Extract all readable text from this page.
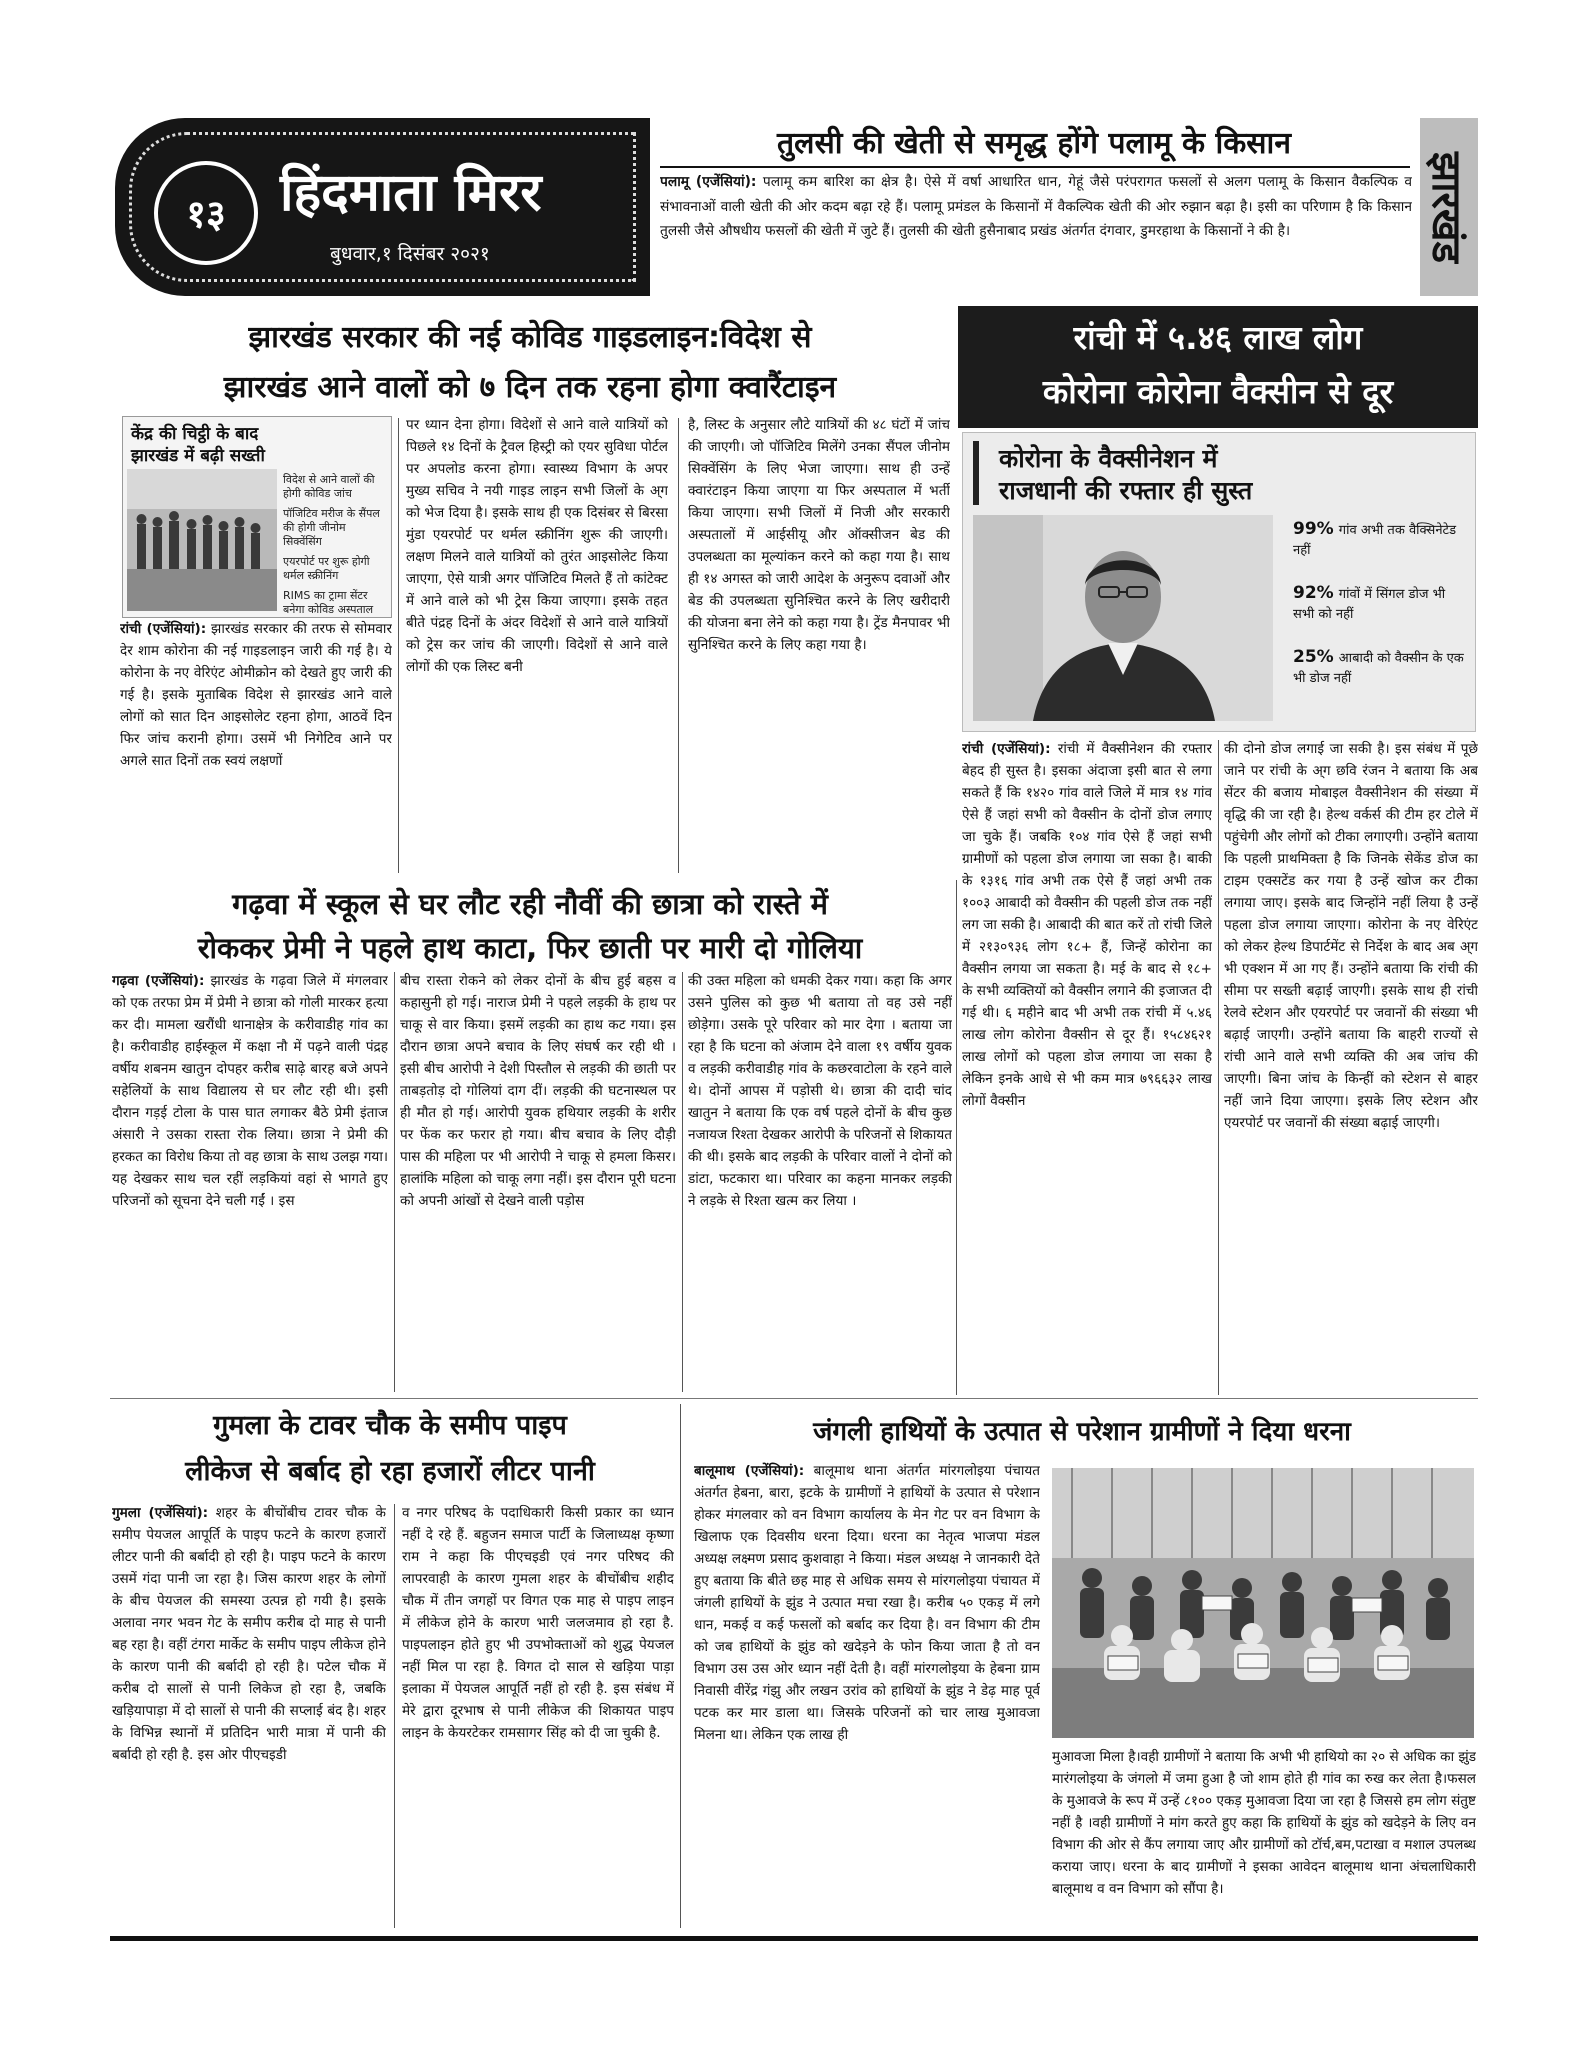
१३	हिंदमाता मिरर
बुधवार,१ दिसंबर २०२१
तुलसी की खेती से समृद्ध होंगे पलामू के किसान
पलामू (एजेंसियां): पलामू कम बारिश का क्षेत्र है। ऐसे में वर्षा आधारित धान, गेहूं जैसे परंपरागत फसलों से अलग पलामू के किसान वैकल्पिक व संभावनाओं वाली खेती की ओर कदम बढ़ा रहे हैं। पलामू प्रमंडल के किसानों में वैकल्पिक खेती की ओर रुझान बढ़ा है। इसी का परिणाम है कि किसान तुलसी जैसे औषधीय फसलों की खेती में जुटे हैं। तुलसी की खेती हुसैनाबाद प्रखंड अंतर्गत दंगवार, डुमरहाथा के किसानों ने की है।	झारखंड
झारखंड सरकार की नई कोविड गाइडलाइन:विदेश से
झारखंड आने वालों को ७ दिन तक रहना होगा क्वारैंटाइन
केंद्र की चिट्ठी के बाद
झारखंड में बढ़ी सख्ती
विदेश से आने वालों की होगी कोविड जांच
पॉजिटिव मरीज के सैंपल की होगी जीनोम सिक्वेंसिंग
एयरपोर्ट पर शुरू होगी थर्मल स्क्रीनिंग
RIMS का ट्रामा सेंटर बनेगा कोविड अस्पताल
रांची (एजेंसियां): झारखंड सरकार की तरफ से सोमवार देर शाम कोरोना की नई गाइडलाइन जारी की गई है। ये कोरोना के नए वेरिएंट ओमीक्रोन को देखते हुए जारी की गई है। इसके मुताबिक विदेश से झारखंड आने वाले लोगों को सात दिन आइसोलेट रहना होगा, आठवें दिन फिर जांच करानी होगा। उसमें भी निगेटिव आने पर अगले सात दिनों तक स्वयं लक्षणों
पर ध्यान देना होगा। विदेशों से आने वाले यात्रियों को पिछले १४ दिनों के ट्रैवल हिस्ट्री को एयर सुविधा पोर्टल पर अपलोड करना होगा। स्वास्थ्य विभाग के अपर मुख्य सचिव ने नयी गाइड लाइन सभी जिलों के अ्‍ग को भेज दिया है। इसके साथ ही एक दिसंबर से बिरसा मुंडा एयरपोर्ट पर थर्मल स्क्रीनिंग शुरू की जाएगी। लक्षण मिलने वाले यात्रियों को तुरंत आइसोलेट किया जाएगा, ऐसे यात्री अगर पॉजिटिव मिलते हैं तो कांटेक्ट में आने वाले को भी ट्रेस किया जाएगा। इसके तहत बीते पंद्रह दिनों के अंदर विदेशों से आने वाले यात्रियों को ट्रेस कर जांच की जाएगी। विदेशों से आने वाले लोगों की एक लिस्ट बनी
है, लिस्ट के अनुसार लौटे यात्रियों की ४८ घंटों में जांच की जाएगी। जो पॉजिटिव मिलेंगे उनका सैंपल जीनोम सिक्वेंसिंग के लिए भेजा जाएगा। साथ ही उन्हें क्वारंटाइन किया जाएगा या फिर अस्पताल में भर्ती किया जाएगा। सभी जिलों में निजी और सरकारी अस्पतालों में आईसीयू और ऑक्सीजन बेड की उपलब्धता का मूल्यांकन करने को कहा गया है। साथ ही १४ अगस्त को जारी आदेश के अनुरूप दवाओं और बेड की उपलब्धता सुनिश्चित करने के लिए खरीदारी की योजना बना लेने को कहा गया है। ट्रेंड मैनपावर भी सुनिश्चित करने के लिए कहा गया है।
रांची में ५.४६ लाख लोग
कोरोना कोरोना वैक्सीन से दूर
कोरोना के वैक्सीनेशन में
राजधानी की रफ्तार ही सुस्त
99% गांव अभी तक वैक्सिनेटेड नहीं
92% गांवों में सिंगल डोज भी सभी को नहीं
25% आबादी को वैक्सीन के एक भी डोज नहीं
रांची (एजेंसियां): रांची में वैक्सीनेशन की रफ्तार बेहद ही सुस्त है। इसका अंदाजा इसी बात से लगा सकते हैं कि १४२० गांव वाले जिले में मात्र १४ गांव ऐसे हैं जहां सभी को वैक्सीन के दोनों डोज लगाए जा चुके हैं। जबकि १०४ गांव ऐसे हैं जहां सभी ग्रामीणों को पहला डोज लगाया जा सका है। बाकी के १३१६ गांव अभी तक ऐसे हैं जहां अभी तक १००३ आबादी को वैक्सीन की पहली डोज तक नहीं लग जा सकी है। आबादी की बात करें तो रांची जिले में २१३०९३६ लोग १८+ हैं, जिन्हें कोरोना का वैक्सीन लगया जा सकता है। मई के बाद से १८+ के सभी व्यक्तियों को वैक्सीन लगाने की इजाजत दी गई थी। ६ महीने बाद भी अभी तक रांची में ५.४६ लाख लोग कोरोना वैक्सीन से दूर हैं। १५८४६२१ लाख लोगों को पहला डोज लगाया जा सका है लेकिन इनके आधे से भी कम मात्र ७९६६३२ लाख लोगों वैक्सीन
की दोनो डोज लगाई जा सकी है। इस संबंध में पूछे जाने पर रांची के अ्‍ग छवि रंजन ने बताया कि अब सेंटर की बजाय मोबाइल वैक्सीनेशन की संख्या में वृद्धि की जा रही है। हेल्थ वर्कर्स की टीम हर टोले में पहुंचेगी और लोगों को टीका लगाएगी। उन्होंने बताया कि पहली प्राथमिक्ता है कि जिनके सेकेंड डोज का टाइम एक्सटेंड कर गया है उन्हें खोज कर टीका लगाया जाए। इसके बाद जिन्होंने नहीं लिया है उन्हें पहला डोज लगाया जाएगा। कोरोना के नए वेरिएंट को लेकर हेल्थ डिपार्टमेंट से निर्देश के बाद अब अ्‍ग भी एक्शन में आ गए हैं। उन्होंने बताया कि रांची की सीमा पर सख्ती बढ़ाई जाएगी। इसके साथ ही रांची रेलवे स्टेशन और एयरपोर्ट पर जवानों की संख्या भी बढ़ाई जाएगी। उन्होंने बताया कि बाहरी राज्यों से रांची आने वाले सभी व्यक्ति की अब जांच की जाएगी। बिना जांच के किन्हीं को स्टेशन से बाहर नहीं जाने दिया जाएगा। इसके लिए स्टेशन और एयरपोर्ट पर जवानों की संख्या बढ़ाई जाएगी।
गढ़वा में स्कूल से घर लौट रही नौवीं की छात्रा को रास्ते में
रोककर प्रेमी ने पहले हाथ काटा, फिर छाती पर मारी दो गोलिया
गढ़वा (एजेंसियां): झारखंड के गढ़वा जिले में मंगलवार को एक तरफा प्रेम में प्रेमी ने छात्रा को गोली मारकर हत्या कर दी। मामला खरौंधी थानाक्षेत्र के करीवाडीह गांव का है। करीवाडीह हाईस्कूल में कक्षा नौ में पढ़ने वाली पंद्रह वर्षीय शबनम खातुन दोपहर करीब साढ़े बारह बजे अपने सहेलियों के साथ विद्यालय से घर लौट रही थी। इसी दौरान गड़ई टोला के पास घात लगाकर बैठे प्रेमी इंताज अंसारी ने उसका रास्ता रोक लिया। छात्रा ने प्रेमी की हरकत का विरोध किया तो वह छात्रा के साथ उलझ गया। यह देखकर साथ चल रहीं लड़कियां वहां से भागते हुए परिजनों को सूचना देने चली गईं । इस
बीच रास्ता रोकने को लेकर दोनों के बीच हुई बहस व कहासुनी हो गई। नाराज प्रेमी ने पहले लड़की के हाथ पर चाकू से वार किया। इसमें लड़की का हाथ कट गया। इस दौरान छात्रा अपने बचाव के लिए संघर्ष कर रही थी । इसी बीच आरोपी ने देशी पिस्तौल से लड़की की छाती पर ताबड़तोड़ दो गोलियां दाग दीं। लड़की की घटनास्थल पर ही मौत हो गई। आरोपी युवक हथियार लड़की के शरीर पर फेंक कर फरार हो गया। बीच बचाव के लिए दौड़ी पास की महिला पर भी आरोपी ने चाकू से हमला किसर। हालांकि महिला को चाकू लगा नहीं। इस दौरान पूरी घटना को अपनी आंखों से देखने वाली पड़ोस
की उक्त महिला को धमकी देकर गया। कहा कि अगर उसने पुलिस को कुछ भी बताया तो वह उसे नहीं छोड़ेगा। उसके पूरे परिवार को मार देगा । बताया जा रहा है कि घटना को अंजाम देने वाला १९ वर्षीय युवक व लड़की करीवाडीह गांव के कछरवाटोला के रहने वाले थे। दोनों आपस में पड़ोसी थे। छात्रा की दादी चांद खातुन ने बताया कि एक वर्ष पहले दोनों के बीच कुछ नजायज रिश्ता देखकर आरोपी के परिजनों से शिकायत की थी। इसके बाद लड़की के परिवार वालों ने दोनों को डांटा, फटकारा था। परिवार का कहना मानकर लड़की ने लड़के से रिश्ता खत्म कर लिया ।
गुमला के टावर चौक के समीप पाइप
लीकेज से बर्बाद हो रहा हजारों लीटर पानी
गुमला (एजेंसियां): शहर के बीचोंबीच टावर चौक के समीप पेयजल आपूर्ति के पाइप फटने के कारण हजारों लीटर पानी की बर्बादी हो रही है। पाइप फटने के कारण उसमें गंदा पानी जा रहा है। जिस कारण शहर के लोगों के बीच पेयजल की समस्या उत्पन्न हो गयी है। इसके अलावा नगर भवन गेट के समीप करीब दो माह से पानी बह रहा है। वहीं टंगरा मार्केट के समीप पाइप लीकेज होने के कारण पानी की बर्बादी हो रही है। पटेल चौक में करीब दो सालों से पानी लिकेज हो रहा है, जबकि खड़ियापाड़ा में दो सालों से पानी की सप्लाई बंद है। शहर के विभिन्न स्थानों में प्रतिदिन भारी मात्रा में पानी की बर्बादी हो रही है. इस ओर पीएचइडी
व नगर परिषद के पदाधिकारी किसी प्रकार का ध्यान नहीं दे रहे हैं. बहुजन समाज पार्टी के जिलाध्यक्ष कृष्णा राम ने कहा कि पीएचइडी एवं नगर परिषद की लापरवाही के कारण गुमला शहर के बीचोंबीच शहीद चौक में तीन जगहों पर विगत एक माह से पाइप लाइन में लीकेज होने के कारण भारी जलजमाव हो रहा है. पाइपलाइन होते हुए भी उपभोक्ताओं को शुद्ध पेयजल नहीं मिल पा रहा है. विगत दो साल से खड़िया पाड़ा इलाका में पेयजल आपूर्ति नहीं हो रही है. इस संबंध में मेरे द्वारा दूरभाष से पानी लीकेज की शिकायत पाइप लाइन के केयरटेकर रामसागर सिंह को दी जा चुकी है.
जंगली हाथियों के उत्पात से परेशान ग्रामीणों ने दिया धरना
बालूमाथ (एजेंसियां): बालूमाथ थाना अंतर्गत मांरगलोइया पंचायत अंतर्गत हेबना, बारा, इटके के ग्रामीणों ने हाथियों के उत्पात से परेशान होकर मंगलवार को वन विभाग कार्यालय के मेन गेट पर वन विभाग के खिलाफ एक दिवसीय धरना दिया। धरना का नेतृत्व भाजपा मंडल अध्यक्ष लक्ष्मण प्रसाद कुशवाहा ने किया। मंडल अध्यक्ष ने जानकारी देते हुए बताया कि बीते छह माह से अधिक समय से मांरगलोइया पंचायत में जंगली हाथियों के झुंड ने उत्पात मचा रखा है। करीब ५० एकड़ में लगे धान, मकई व कई फसलों को बर्बाद कर दिया है। वन विभाग की टीम को जब हाथियों के झुंड को खदेड़ने के फोन किया जाता है तो वन विभाग उस उस ओर ध्यान नहीं देती है। वहीं मांरगलोइया के हेबना ग्राम निवासी वीरेंद्र गंझु और लखन उरांव को हाथियों के झुंड ने डेढ़ माह पूर्व पटक कर मार डाला था। जिसके परिजनों को चार लाख मुआवजा मिलना था। लेकिन एक लाख ही
मुआवजा मिला है।वही ग्रामीणों ने बताया कि अभी भी हाथियो का २० से अधिक का झुंड मारंगलोइया के जंगलो में जमा हुआ है जो शाम होते ही गांव का रुख कर लेता है।फसल के मुआवजे के रूप में उन्हें ८१०० एकड़ मुआवजा दिया जा रहा है जिससे हम लोग संतुष्ट नहीं है ।वही ग्रामीणों ने मांग करते हुए कहा कि हाथियों के झुंड को खदेड़ने के लिए वन विभाग की ओर से कैंप लगाया जाए और ग्रामीणों को टॉर्च,बम,पटाखा व मशाल उपलब्ध कराया जाए। धरना के बाद ग्रामीणों ने इसका आवेदन बालूमाथ थाना अंचलाधिकारी बालूमाथ व वन विभाग को सौंपा है।
